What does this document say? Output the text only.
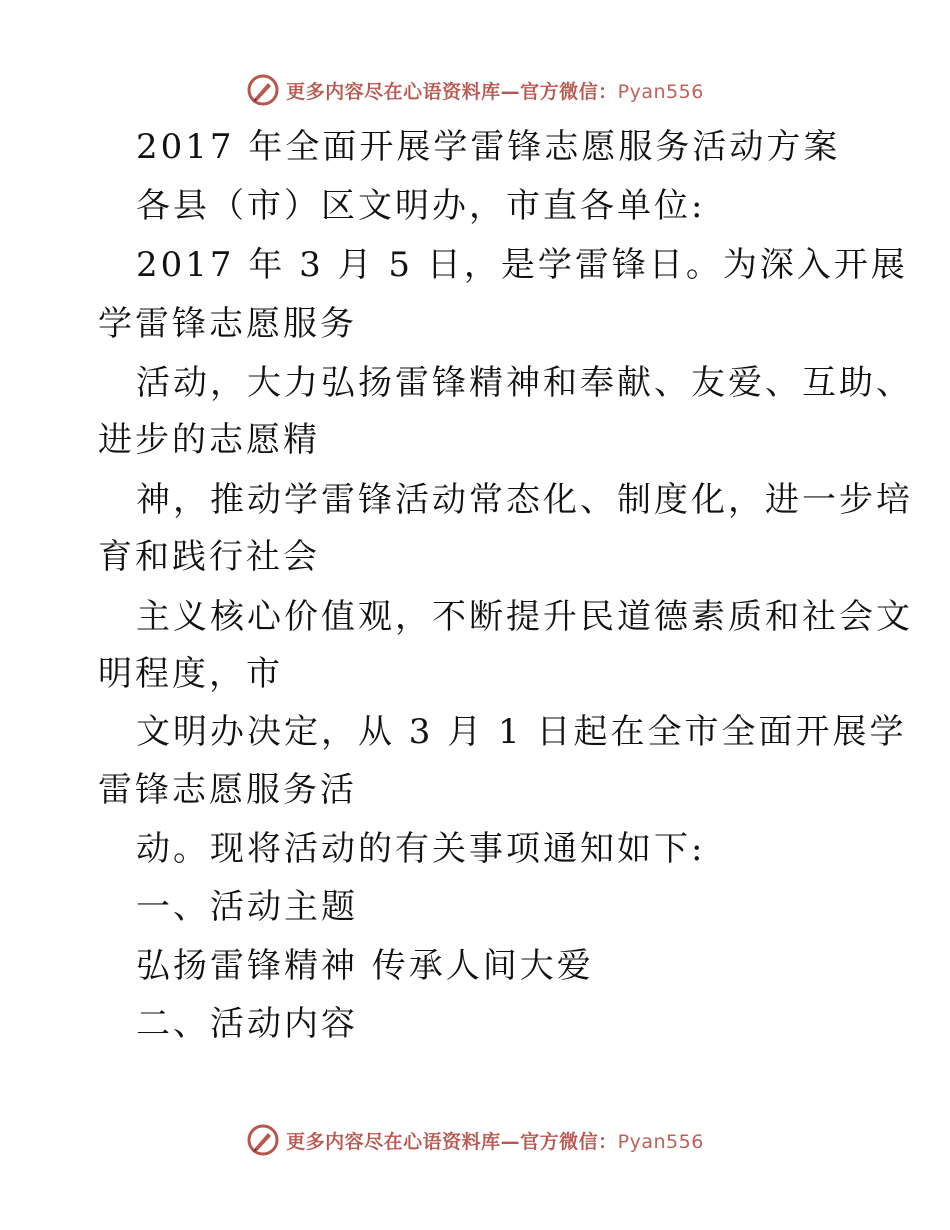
更多内容尽在心语资料库—官方微信：Pyan556
2017 年全面开展学雷锋志愿服务活动方案
各县（市）区文明办，市直各单位:
2017 年 3 月 5 日，是学雷锋日。为深入开展
学雷锋志愿服务
活动，大力弘扬雷锋精神和奉献、友爱、互助、
进步的志愿精
神，推动学雷锋活动常态化、制度化，进一步培
育和践行社会
主义核心价值观，不断提升民道德素质和社会文
明程度，市
文明办决定，从 3 月 1 日起在全市全面开展学
雷锋志愿服务活
动。现将活动的有关事项通知如下:
一、活动主题
弘扬雷锋精神 传承人间大爱
二、活动内容
更多内容尽在心语资料库—官方微信：Pyan556
